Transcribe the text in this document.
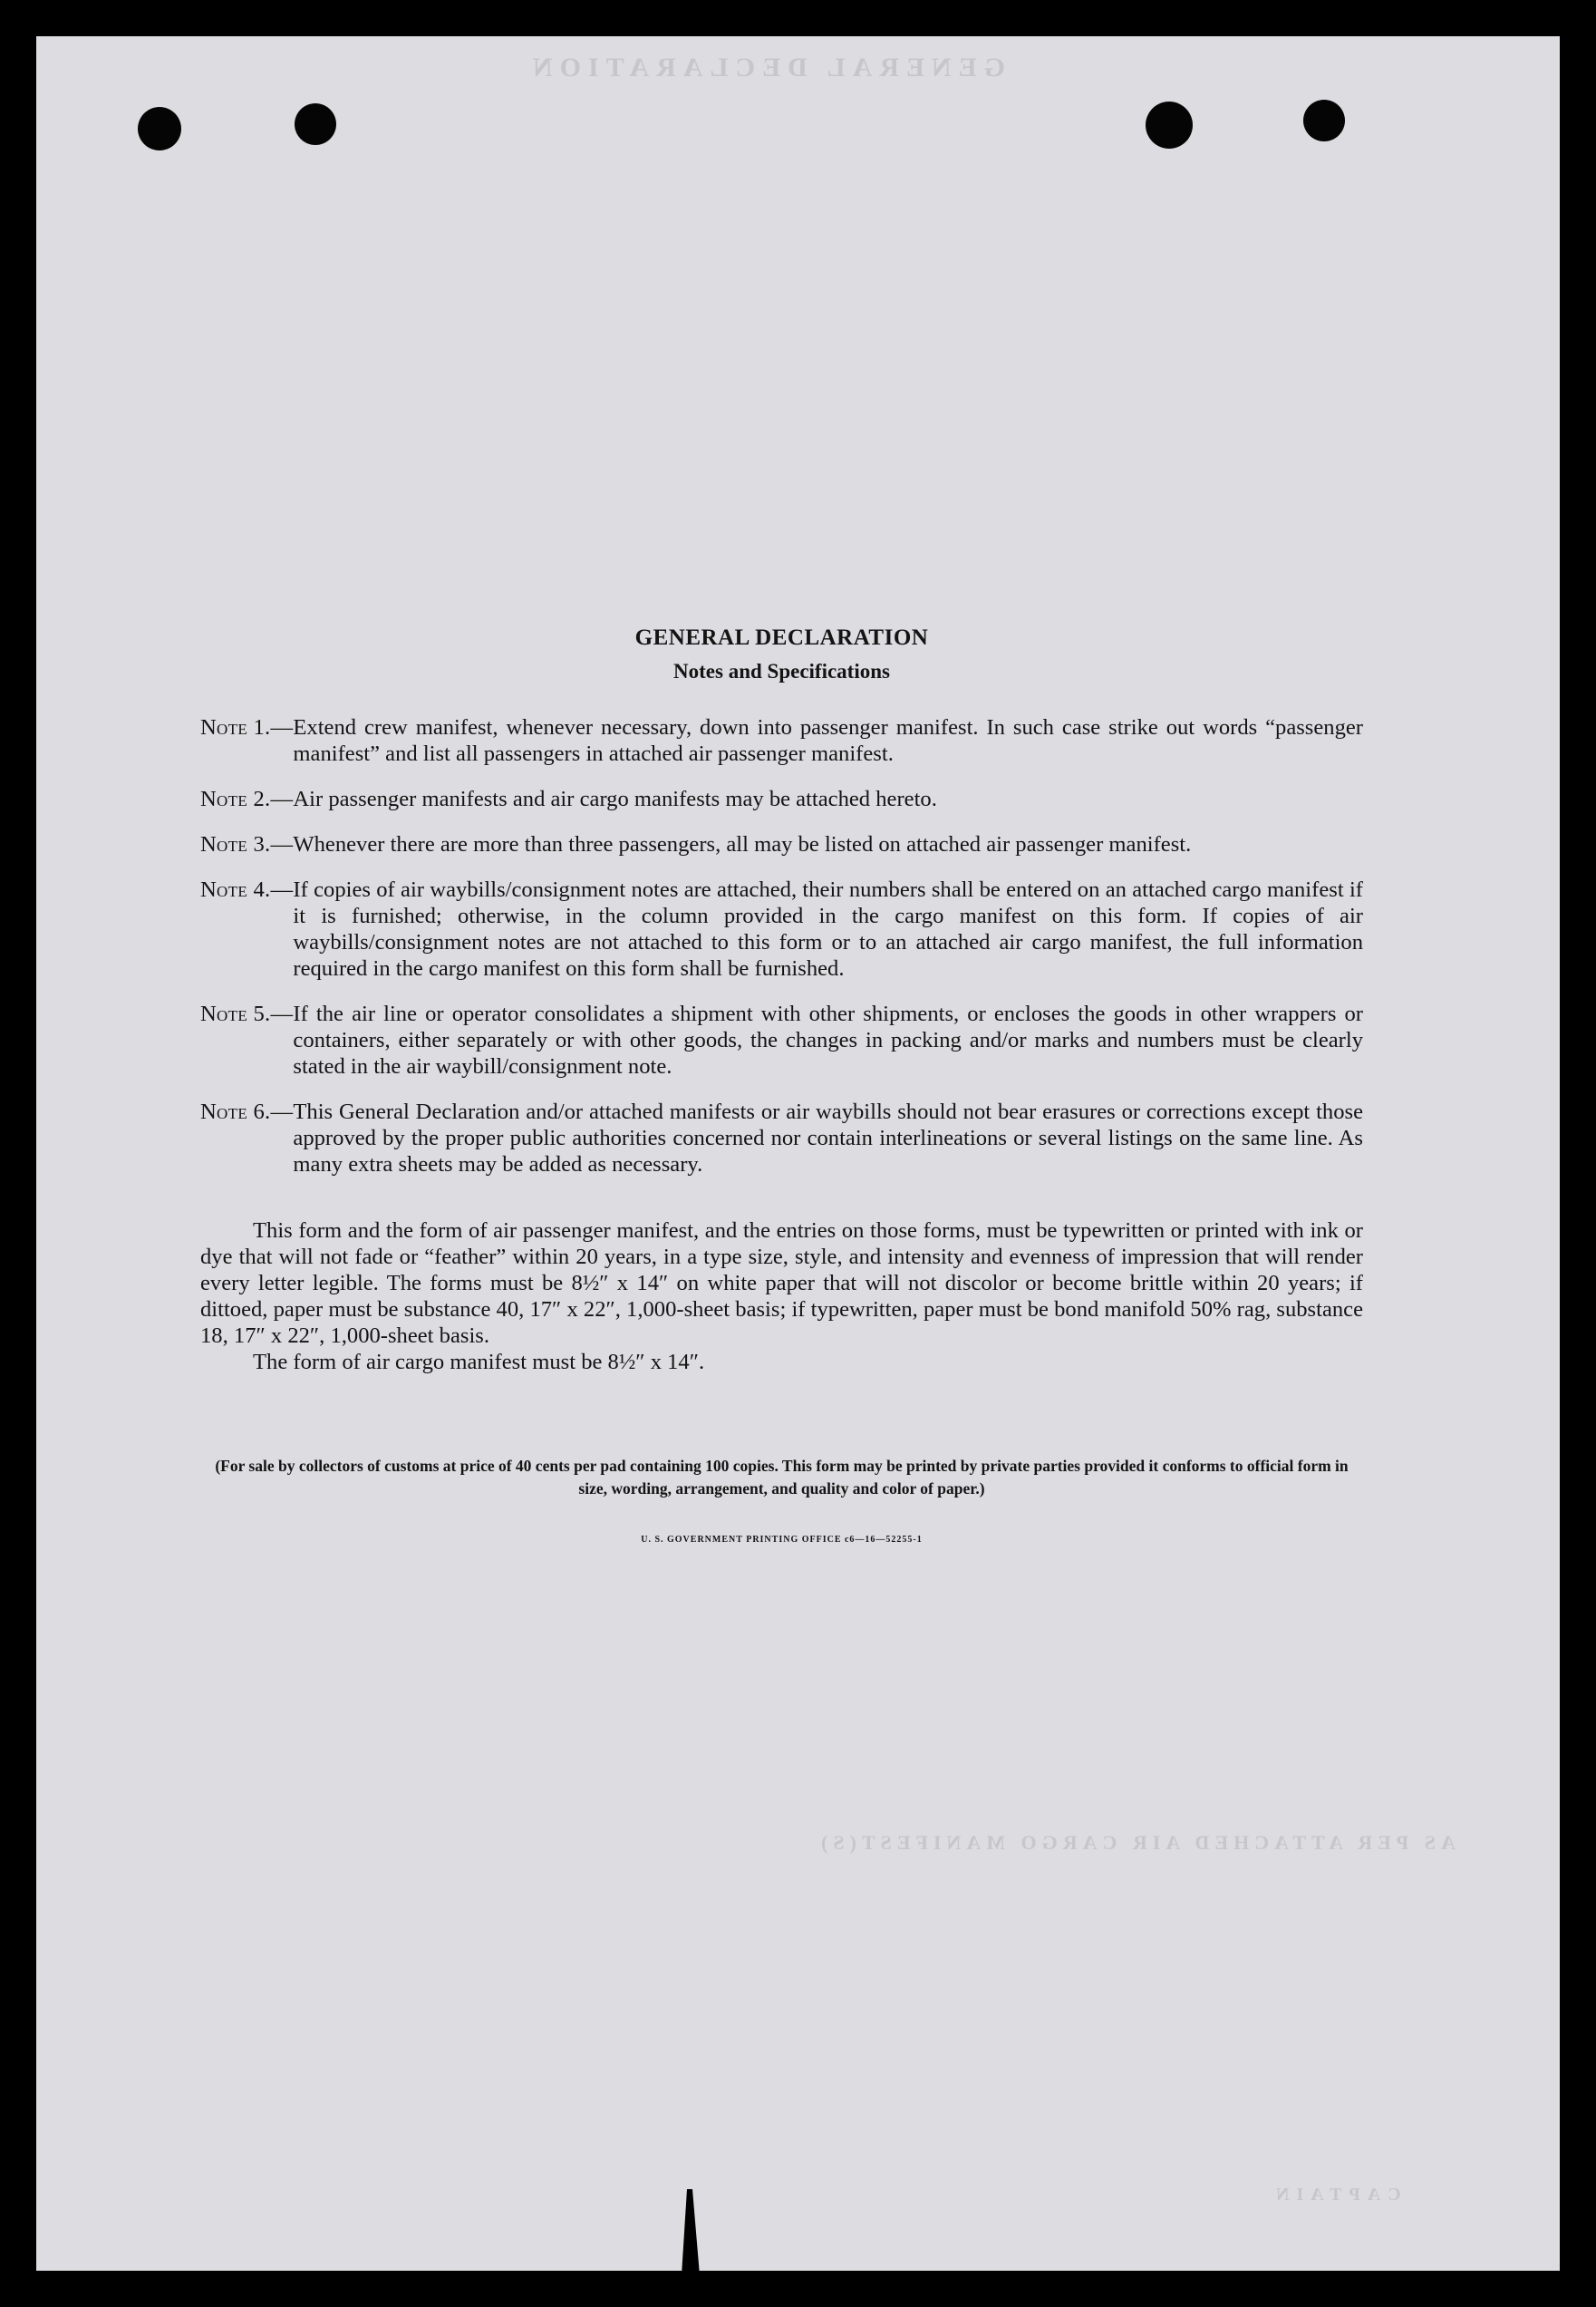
GENERAL DECLARATION
AS PER ATTACHED AIR CARGO MANIFEST(S)
CAPTAIN
GENERAL DECLARATION
Notes and Specifications
Note 1.— Extend crew manifest, whenever necessary, down into passenger manifest. In such case strike out words “passenger manifest” and list all passengers in attached air passenger manifest.
Note 2.— Air passenger manifests and air cargo manifests may be attached hereto.
Note 3.— Whenever there are more than three passengers, all may be listed on attached air passenger manifest.
Note 4.— If copies of air waybills/consignment notes are attached, their numbers shall be entered on an attached cargo manifest if it is furnished; otherwise, in the column provided in the cargo manifest on this form. If copies of air waybills/consignment notes are not attached to this form or to an attached air cargo manifest, the full information required in the cargo manifest on this form shall be furnished.
Note 5.— If the air line or operator consolidates a shipment with other shipments, or encloses the goods in other wrappers or containers, either separately or with other goods, the changes in packing and/or marks and numbers must be clearly stated in the air waybill/consignment note.
Note 6.— This General Declaration and/or attached manifests or air waybills should not bear erasures or corrections except those approved by the proper public authorities concerned nor contain interlineations or several listings on the same line. As many extra sheets may be added as necessary.
This form and the form of air passenger manifest, and the entries on those forms, must be typewritten or printed with ink or dye that will not fade or “feather” within 20 years, in a type size, style, and intensity and evenness of impression that will render every letter legible. The forms must be 8½″ x 14″ on white paper that will not discolor or become brittle within 20 years; if dittoed, paper must be substance 40, 17″ x 22″, 1,000-sheet basis; if typewritten, paper must be bond manifold 50% rag, substance 18, 17″ x 22″, 1,000-sheet basis.
The form of air cargo manifest must be 8½″ x 14″.
(For sale by collectors of customs at price of 40 cents per pad containing 100 copies. This form may be printed by private parties provided it conforms to official form in size, wording, arrangement, and quality and color of paper.)
U. S. GOVERNMENT PRINTING OFFICE c6—16—52255-1
